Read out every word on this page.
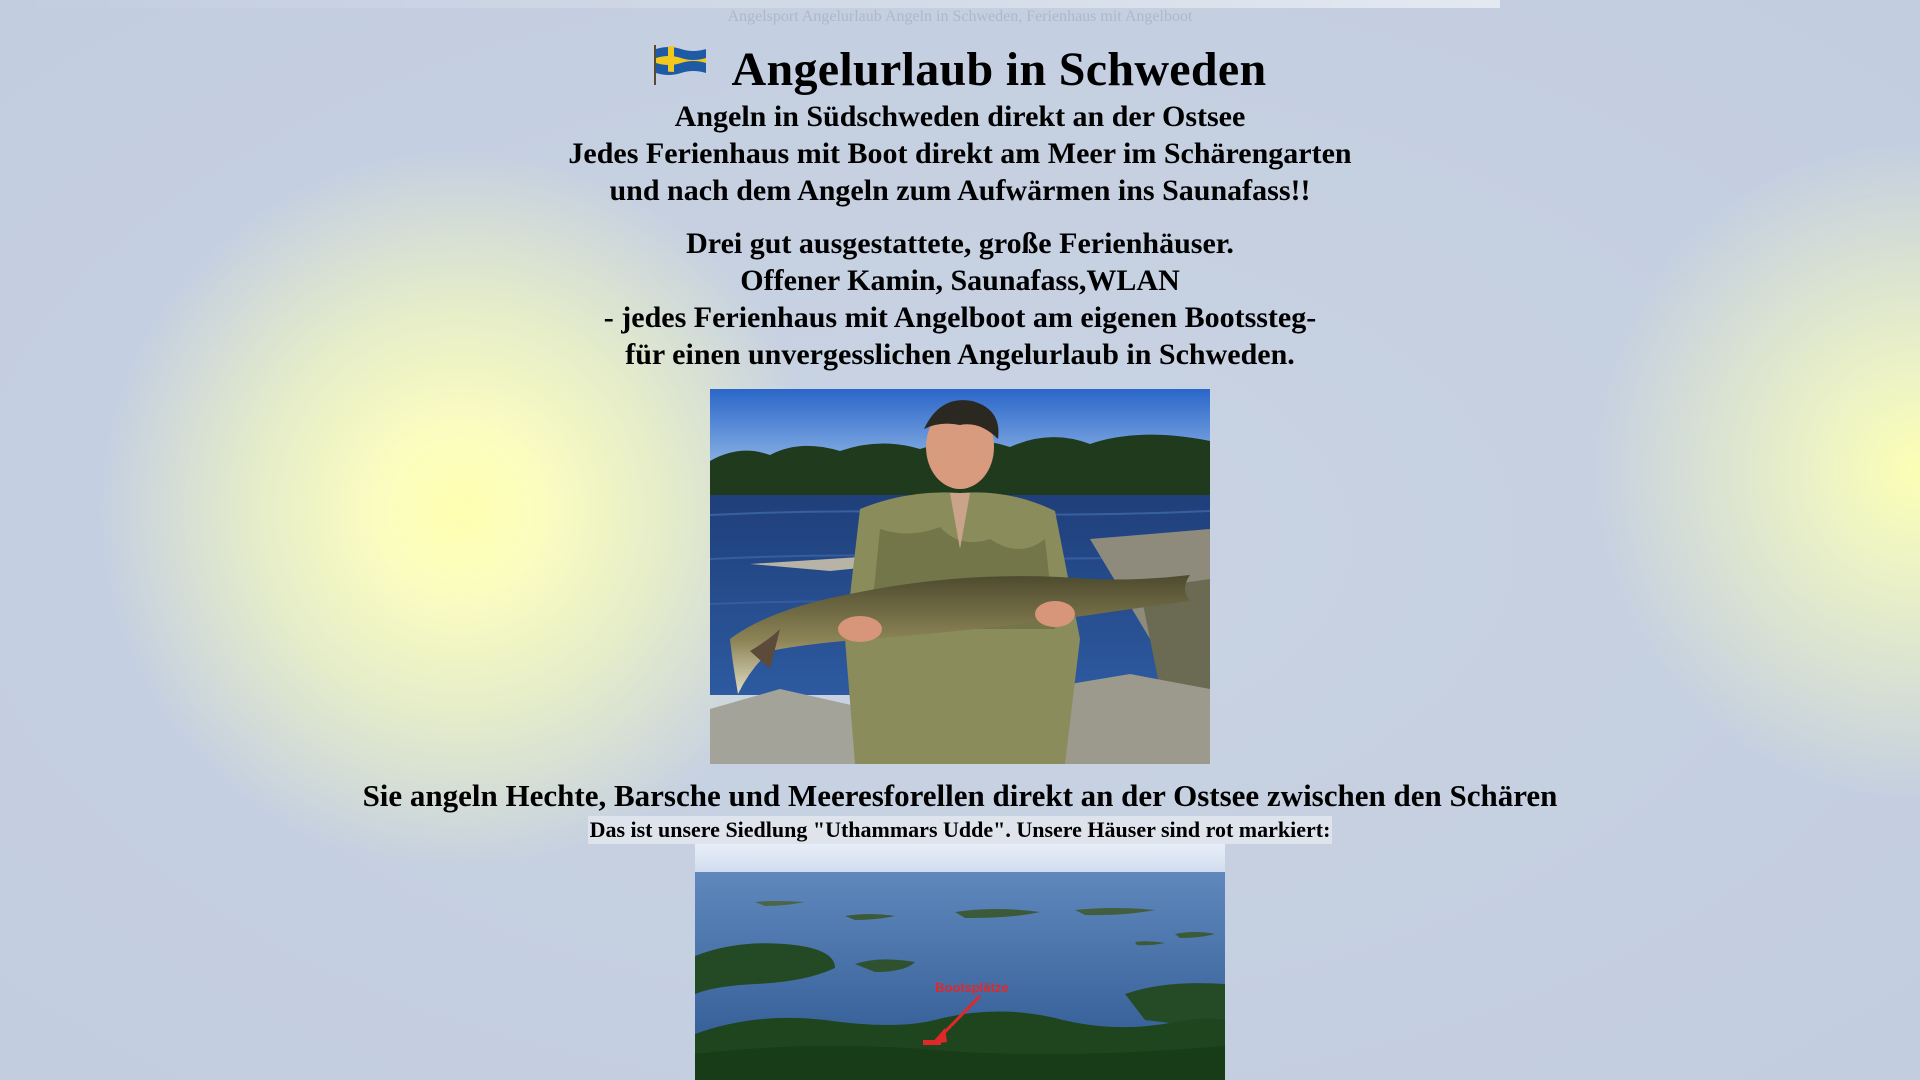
Angelsport Angelurlaub Angeln in Schweden, Ferienhaus mit Angelboot
Angelurlaub in Schweden
Angeln in Südschweden direkt an der Ostsee
Jedes Ferienhaus mit Boot direkt am Meer im Schärengarten
und nach dem Angeln zum Aufwärmen ins Saunafass!!
Drei gut ausgestattete, große Ferienhäuser.
Offener Kamin, Saunafass,WLAN
- jedes Ferienhaus mit Angelboot am eigenen Bootssteg-
für einen unvergesslichen Angelurlaub in Schweden.
Sie angeln Hechte, Barsche und Meeresforellen direkt an der Ostsee zwischen den Schären
Das ist unsere Siedlung "Uthammars Udde". Unsere Häuser sind rot markiert:
Bootsplätze
